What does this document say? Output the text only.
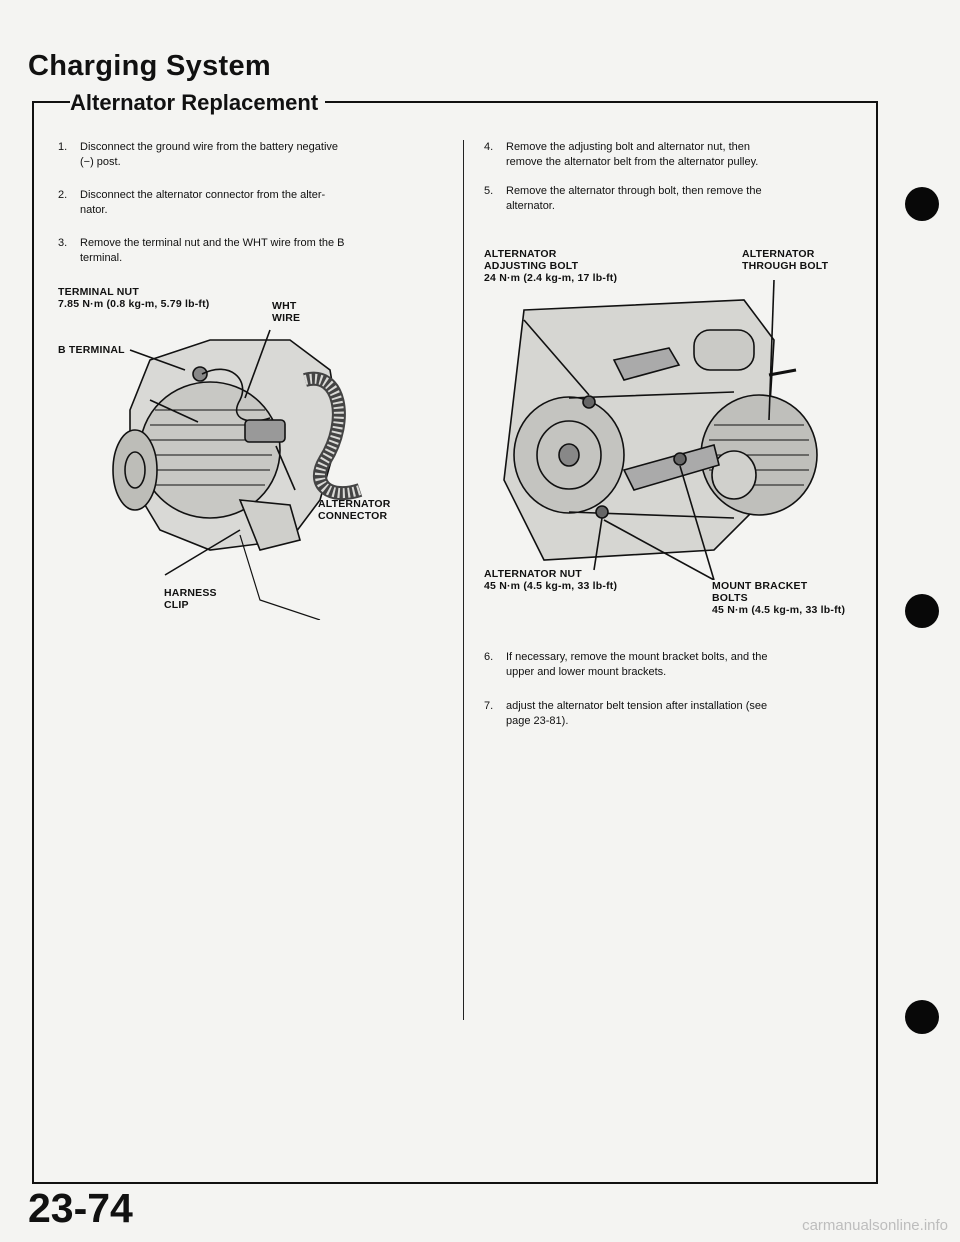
Charging System
Alternator Replacement
1. Disconnect the ground wire from the battery negative
(−) post.
2. Disconnect the alternator connector from the alter-
nator.
3. Remove the terminal nut and the WHT wire from the B
terminal.
4. Remove the adjusting bolt and alternator nut, then
remove the alternator belt from the alternator pulley.
5. Remove the alternator through bolt, then remove the
alternator.
6. If necessary, remove the mount bracket bolts, and the
upper and lower mount brackets.
7. adjust the alternator belt tension after installation (see
page 23-81).
TERMINAL NUT
7.85 N·m (0.8 kg-m, 5.79 lb-ft)	WHT
WIRE
B TERMINAL
ALTERNATOR
CONNECTOR
HARNESS
CLIP
ALTERNATOR
ADJUSTING BOLT
24 N·m (2.4 kg-m, 17 lb-ft)
ALTERNATOR
THROUGH BOLT
ALTERNATOR NUT
45 N·m (4.5 kg-m, 33 lb-ft)	MOUNT BRACKET
BOLTS
45 N·m (4.5 kg-m, 33 lb-ft)
23-74	carmanualsonline.info
